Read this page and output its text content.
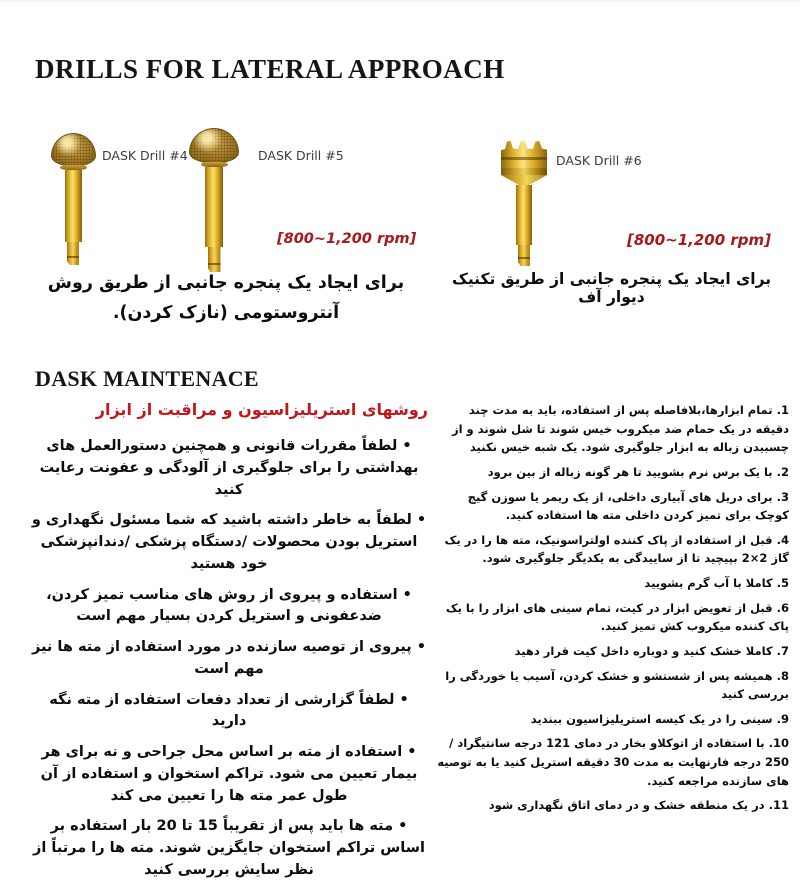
DRILLS FOR LATERAL APPROACH
DASK Drill #4	DASK Drill #5
[800~1,200 rpm]
DASK Drill #6
[800~1,200 rpm]
برای ایجاد یک پنجره جانبی از طریق روش
آنتروستومی (نازک کردن).
برای ایجاد یک پنجره جانبی از طریق تکنیک دیوار آف
DASK MAINTENACE
روشهای استریلیزاسیون و مراقبت از ابزار
• لطفاً مقررات قانونی و همچنین دستورالعمل های بهداشتی را برای جلوگیری از آلودگی و عفونت رعایت کنید
• لطفاً به خاطر داشته باشید که شما مسئول نگهداری و استریل بودن محصولات /دستگاه پزشکی /دندانپزشکی خود هستید
• استفاده و پیروی از روش های مناسب تمیز کردن، ضدعفونی و استریل کردن بسیار مهم است
• پیروی از توصیه سازنده در مورد استفاده از مته ها نیز مهم است
• لطفاً گزارشی از تعداد دفعات استفاده از مته نگه دارید
• استفاده از مته بر اساس محل جراحی و نه برای هر بیمار تعیین می شود. تراکم استخوان و استفاده از آن طول عمر مته ها را تعیین می کند
• مته ها باید پس از تقریباً 15 تا 20 بار استفاده بر اساس تراکم استخوان جایگزین شوند. مته ها را مرتباً از نظر سایش بررسی کنید
1. تمام ابزارها،بلافاصله پس از استفاده، باید به مدت چند دقیقه در یک حمام ضد میکروب خیس شوند تا شل شوند و از چسبیدن زباله به ابزار جلوگیری شود. یک شبه خیس نکنید
2. با یک برس نرم بشویید تا هر گونه زباله از بین برود
3. برای دریل های آبیاری داخلی، از یک ریمر یا سوزن گیج کوچک برای تمیز کردن داخلی مته ها استفاده کنید.
4. قبل از استفاده از پاک کننده اولتراسونیک، مته ها را در یک گاز 2×2 بپیچید تا از ساییدگی به یکدیگر جلوگیری شود.
5. کاملا با آب گرم بشویید
6. قبل از تعویض ابزار در کیت، تمام سینی های ابزار را با یک پاک کننده میکروب کش تمیز کنید.
7. کاملا خشک کنید و دوباره داخل کیت قرار دهید
8. همیشه پس از شستشو و خشک کردن، آسیب یا خوردگی را بررسی کنید
9. سینی را در یک کیسه استریلیزاسیون ببندید
10. با استفاده از اتوکلاو بخار در دمای 121 درجه سانتیگراد / 250 درجه فارنهایت به مدت 30 دقیقه استریل کنید یا به توصیه های سازنده مراجعه کنید.
11. در یک منطقه خشک و در دمای اتاق نگهداری شود
